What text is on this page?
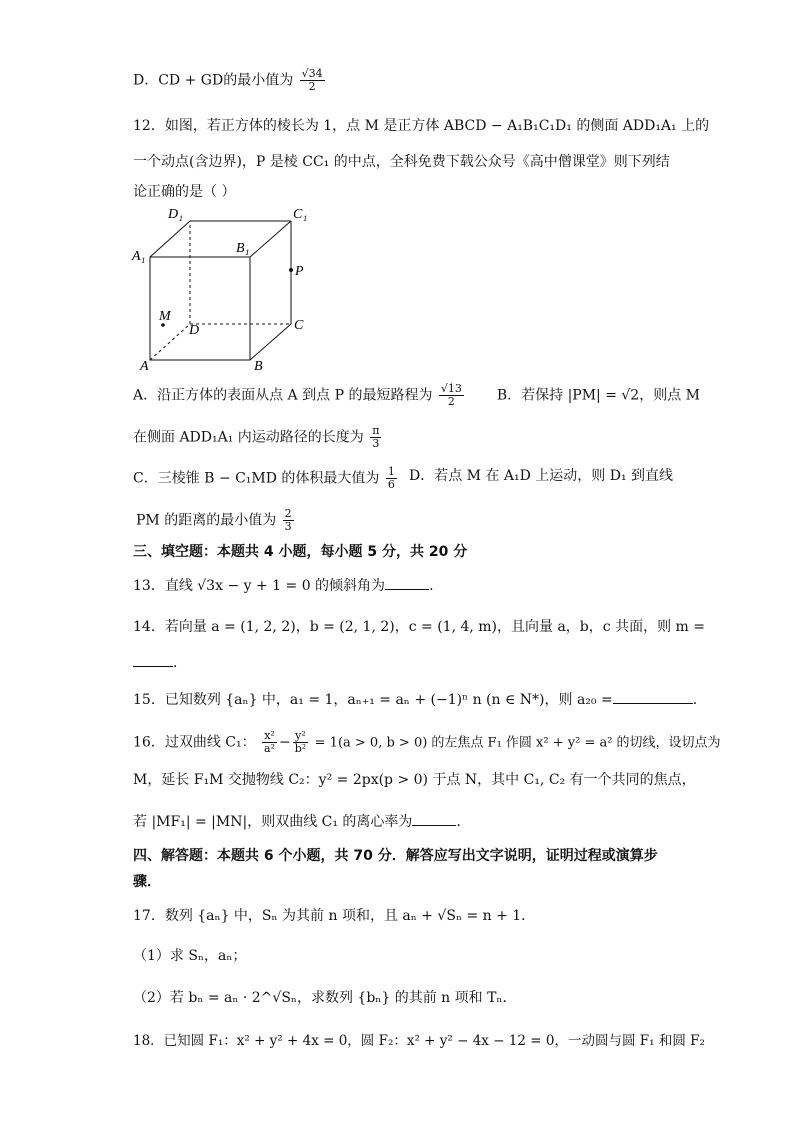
D．CD + GD的最小值为 $\frac{√34}{2}$
12．如图，若正方体的棱长为 1，点 M 是正方体 ABCD − A₁B₁C₁D₁ 的侧面 ADD₁A₁ 上的
一个动点(含边界)，P 是棱 CC₁ 的中点，全科免费下载公众号《高中僧课堂》则下列结
论正确的是（ ）
D₁	C₁
A₁
B₁
P
M
D	C
A	B
A．沿正方体的表面从点 A 到点 P 的最短路程为 $\frac{√13}{2}$ B．若保持 |PM| = √2，则点 M
在侧面 ADD₁A₁ 内运动路径的长度为 $\frac{\pi}{3}$
C．三棱锥 B − C₁MD 的体积最大值为 $\frac{1}{6}$ D．若点 M 在 A₁D 上运动，则 D₁ 到直线
PM 的距离的最小值为 $\frac{2}{3}$
三、填空题：本题共 4 小题，每小题 5 分，共 20 分
13．直线 √3x − y + 1 = 0 的倾斜角为	.
14．若向量 a = (1, 2, 2)，b = (2, 1, 2)，c = (1, 4, m)，且向量 a，b，c 共面，则 m =
.
15．已知数列 {aₙ} 中，a₁ = 1，aₙ₊₁ = aₙ + (−1)ⁿ n (n ∈ N*)，则 a₂₀ =	.
16．过双曲线 C₁： $\frac{\text{x²}}{\text{a²}} - \frac{\text{y²}}{\text{b²}} = 1(a > 0$, b > 0) 的左焦点 F₁ 作圆 x² + y² = a² 的切线，设切点为
M，延长 F₁M 交抛物线 C₂：y² = 2px(p > 0) 于点 N，其中 C₁, C₂ 有一个共同的焦点，
若 |MF₁| = |MN|，则双曲线 C₁ 的离心率为	.
四、解答题：本题共 6 个小题，共 70 分．解答应写出文字说明，证明过程或演算步
骤．
17．数列 {aₙ} 中，Sₙ 为其前 n 项和，且 aₙ + √Sₙ = n + 1．
（1）求 Sₙ，aₙ；
（2）若 bₙ = aₙ · 2^√Sₙ，求数列 {bₙ} 的其前 n 项和 Tₙ．
18．已知圆 F₁：x² + y² + 4x = 0，圆 F₂：x² + y² − 4x − 12 = 0，一动圆与圆 F₁ 和圆 F₂
